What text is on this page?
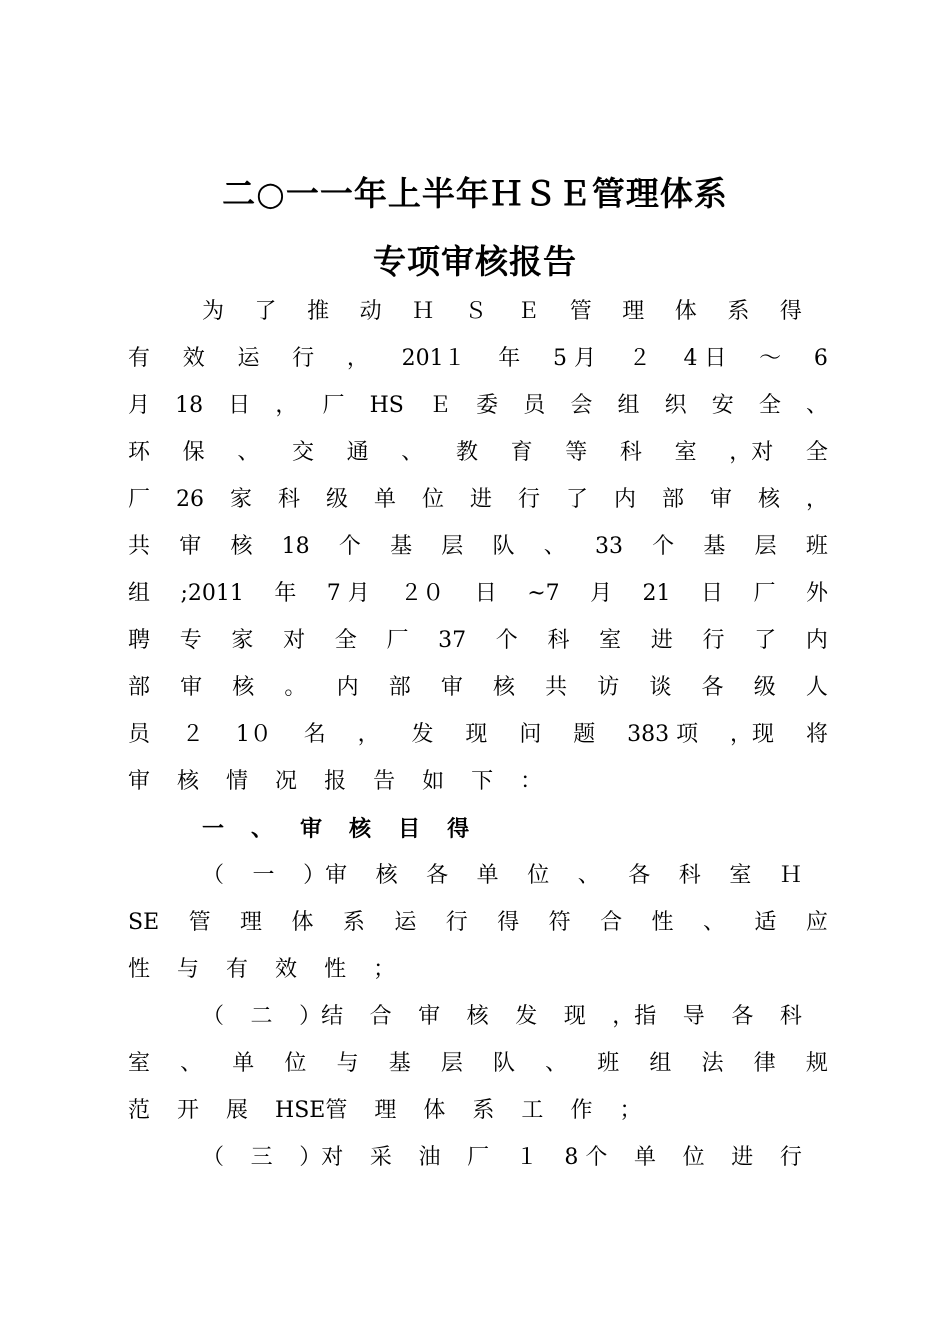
二○一一年上半年ＨＳＥ管理体系
专项审核报告
为 了 推 动 Ｈ Ｓ Ｅ 管 理 体 系 得
有 效 运 行 ， 201１ 年 5 月 ２ 4 日 ～ 6
月 18 日 ， 厂 HS Ｅ 委 员 会 组 织 安 全 、
环 保 、 交 通 、 教 育 等 科 室 ，对 全
厂 26 家 科 级 单 位 进 行 了 内 部 审 核 ，
共 审 核 18 个 基 层 队 、 33 个 基 层 班
组 ;2011 年 7 月 ２０ 日 ~7 月 21 日 厂 外
聘 专 家 对 全 厂 37 个 科 室 进 行 了 内
部 审 核 。 内 部 审 核 共 访 谈 各 级 人
员 ２ 1０ 名 ， 发 现 问 题 383 项 ，现 将
审 核 情 况 报 告 如 下 ：
一 、 审 核 目 得
（ 一 ）审 核 各 单 位 、 各 科 室 Ｈ
SE 管 理 体 系 运 行 得 符 合 性 、 适 应
性 与 有 效 性 ；
（ 二 ）结 合 审 核 发 现 ，指 导 各 科
室 、 单 位 与 基 层 队 、 班 组 法 律 规
范 开 展 HSE管 理 体 系 工 作 ；
（ 三 ）对 采 油 厂 １ 8 个 单 位 进 行
